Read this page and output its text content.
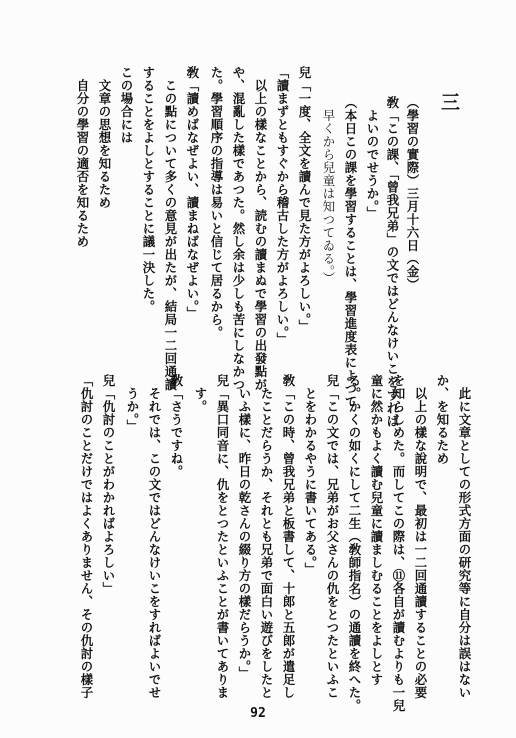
三
（學習の實際）三月十六日（金）
敎「この課、「曾我兄弟」の文ではどんなけいこをすれば
　よいのでせうか。」
（本日この課を學習することは、學習進度表によつて
　早くから兒童は知つてゐる。）
兒「一度、全文を讀んで見た方がよろしい。」
「讀まずともすぐから稽古した方がよろしい。」
　以上の樣なことから、読むの讀まぬで學習の出發點が
や、混亂した樣であつた。然し余は少しも苦にしなかつ
た。學習順序の指導は易いと信じて居るから。
敎「讀めばなぜよい、讀まねばなぜよい。」
　この點について多くの意見が出たが、結局一二回通讀
することをよしとすることに議一決した。
この場合には
　文章の思想を知るため
　自分の學習の適否を知るため
　此に文章としての形式方面の研究等に自分は誤はない
か、を知るため
　以上の樣な說明で、最初は一二回通讀することの必要
を知らしめた。而してこの際は、⑪各自が讀むよりも一兒
童に然かもよく讀む兒童に讀ましむることをよしとす
る。かくの如くにして二生（敎師指名）の通讀を終へた。
兒「この文では、兄弟がお父さんの仇をとつたといふこ
　とをわかるやうに書いてある。」
敎「この時、曾我兄弟と板書して、十郎と五郎が遣足し
　たことだらうか、それとも兄弟で面白い遊びをしたと
　いふ樣に、昨日の乾さんの綴り方の樣だらうか。」
兒「異口同音に、仇をとつたといふことが書いてありま
　す。
敎「さうですね。
　それでは、この文ではどんなけいこをすればよいでせ
　うか。」
兒「仇討のことがわかればよろしい」
「仇討のことだけではよくありません、その仇討の樣子
92
